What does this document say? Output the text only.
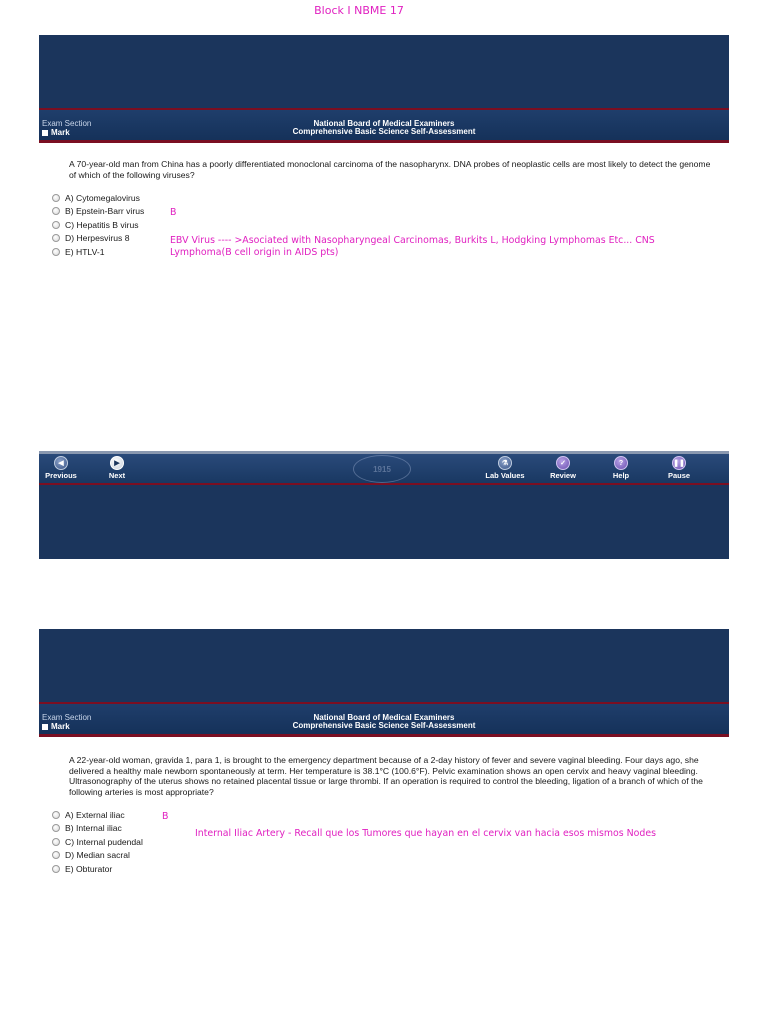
Block I NBME 17
Exam Section
Mark
National Board of Medical Examiners
Comprehensive Basic Science Self-Assessment
A 70-year-old man from China has a poorly differentiated monoclonal carcinoma of the nasopharynx. DNA probes of neoplastic cells are most likely to detect the genome of which of the following viruses?
A) Cytomegalovirus
B) Epstein-Barr virus
C) Hepatitis B virus
D) Herpesvirus 8
E) HTLV-1
B
EBV Virus ---- >Asociated with Nasopharyngeal Carcinomas, Burkits L, Hodgking Lymphomas Etc... CNS Lymphoma(B cell origin in AIDS pts)
1915
◀
Previous
▶
Next
⚗
Lab Values
✓
Review
?
Help
❚❚
Pause
Exam Section
Mark
National Board of Medical Examiners
Comprehensive Basic Science Self-Assessment
A 22-year-old woman, gravida 1, para 1, is brought to the emergency department because of a 2-day history of fever and severe vaginal bleeding. Four days ago, she delivered a healthy male newborn spontaneously at term. Her temperature is 38.1°C (100.6°F). Pelvic examination shows an open cervix and heavy vaginal bleeding. Ultrasonography of the uterus shows no retained placental tissue or large thrombi. If an operation is required to control the bleeding, ligation of a branch of which of the following arteries is most appropriate?
A) External iliac
B) Internal iliac
C) Internal pudendal
D) Median sacral
E) Obturator
B
Internal Iliac Artery - Recall que los Tumores que hayan en el cervix van hacia esos mismos Nodes
